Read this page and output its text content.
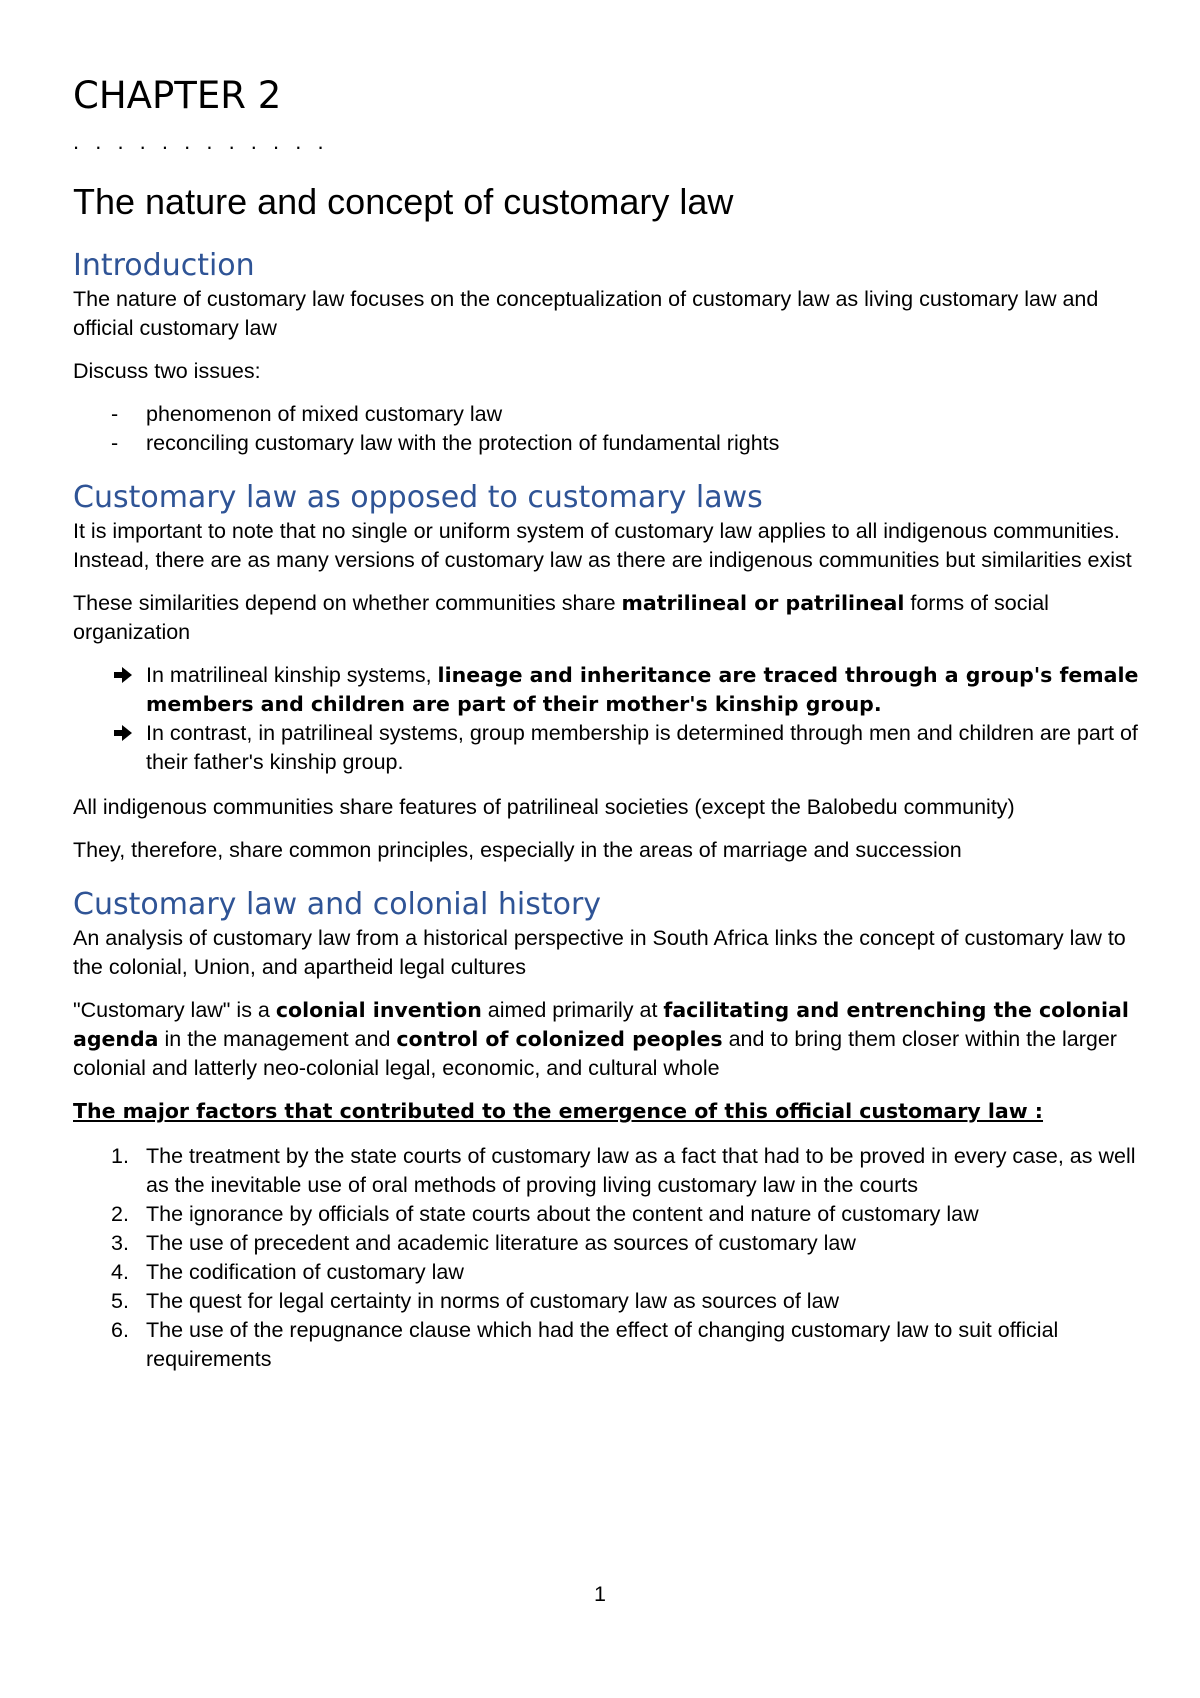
CHAPTER 2
. . . . . . . . . . . .
The nature and concept of customary law
Introduction

The nature of customary law focuses on the conceptualization of customary law as living customary law and official customary law

Discuss two issues:

-	phenomenon of mixed customary law
-	reconciling customary law with the protection of fundamental rights
Customary law as opposed to customary laws

It is important to note that no single or uniform system of customary law applies to all indigenous communities. Instead, there are as many versions of customary law as there are indigenous communities but similarities exist

These similarities depend on whether communities share matrilineal or patrilineal forms of social organization

In matrilineal kinship systems, lineage and inheritance are traced through a group's female members and children are part of their mother's kinship group.
In contrast, in patrilineal systems, group membership is determined through men and children are part of their father's kinship group.

All indigenous communities share features of patrilineal societies (except the Balobedu community)

They, therefore, share common principles, especially in the areas of marriage and succession

Customary law and colonial history

An analysis of customary law from a historical perspective in South Africa links the concept of customary law to the colonial, Union, and apartheid legal cultures

"Customary law" is a colonial invention aimed primarily at facilitating and entrenching the colonial agenda in the management and control of colonized peoples and to bring them closer within the larger colonial and latterly neo-colonial legal, economic, and cultural whole

The major factors that contributed to the emergence of this official customary law :
1. The treatment by the state courts of customary law as a fact that had to be proved in every case, as well as the inevitable use of oral methods of proving living customary law in the courts
2. The ignorance by officials of state courts about the content and nature of customary law
3. The use of precedent and academic literature as sources of customary law
4. The codification of customary law
5. The quest for legal certainty in norms of customary law as sources of law
6. The use of the repugnance clause which had the effect of changing customary law to suit official requirements
1
